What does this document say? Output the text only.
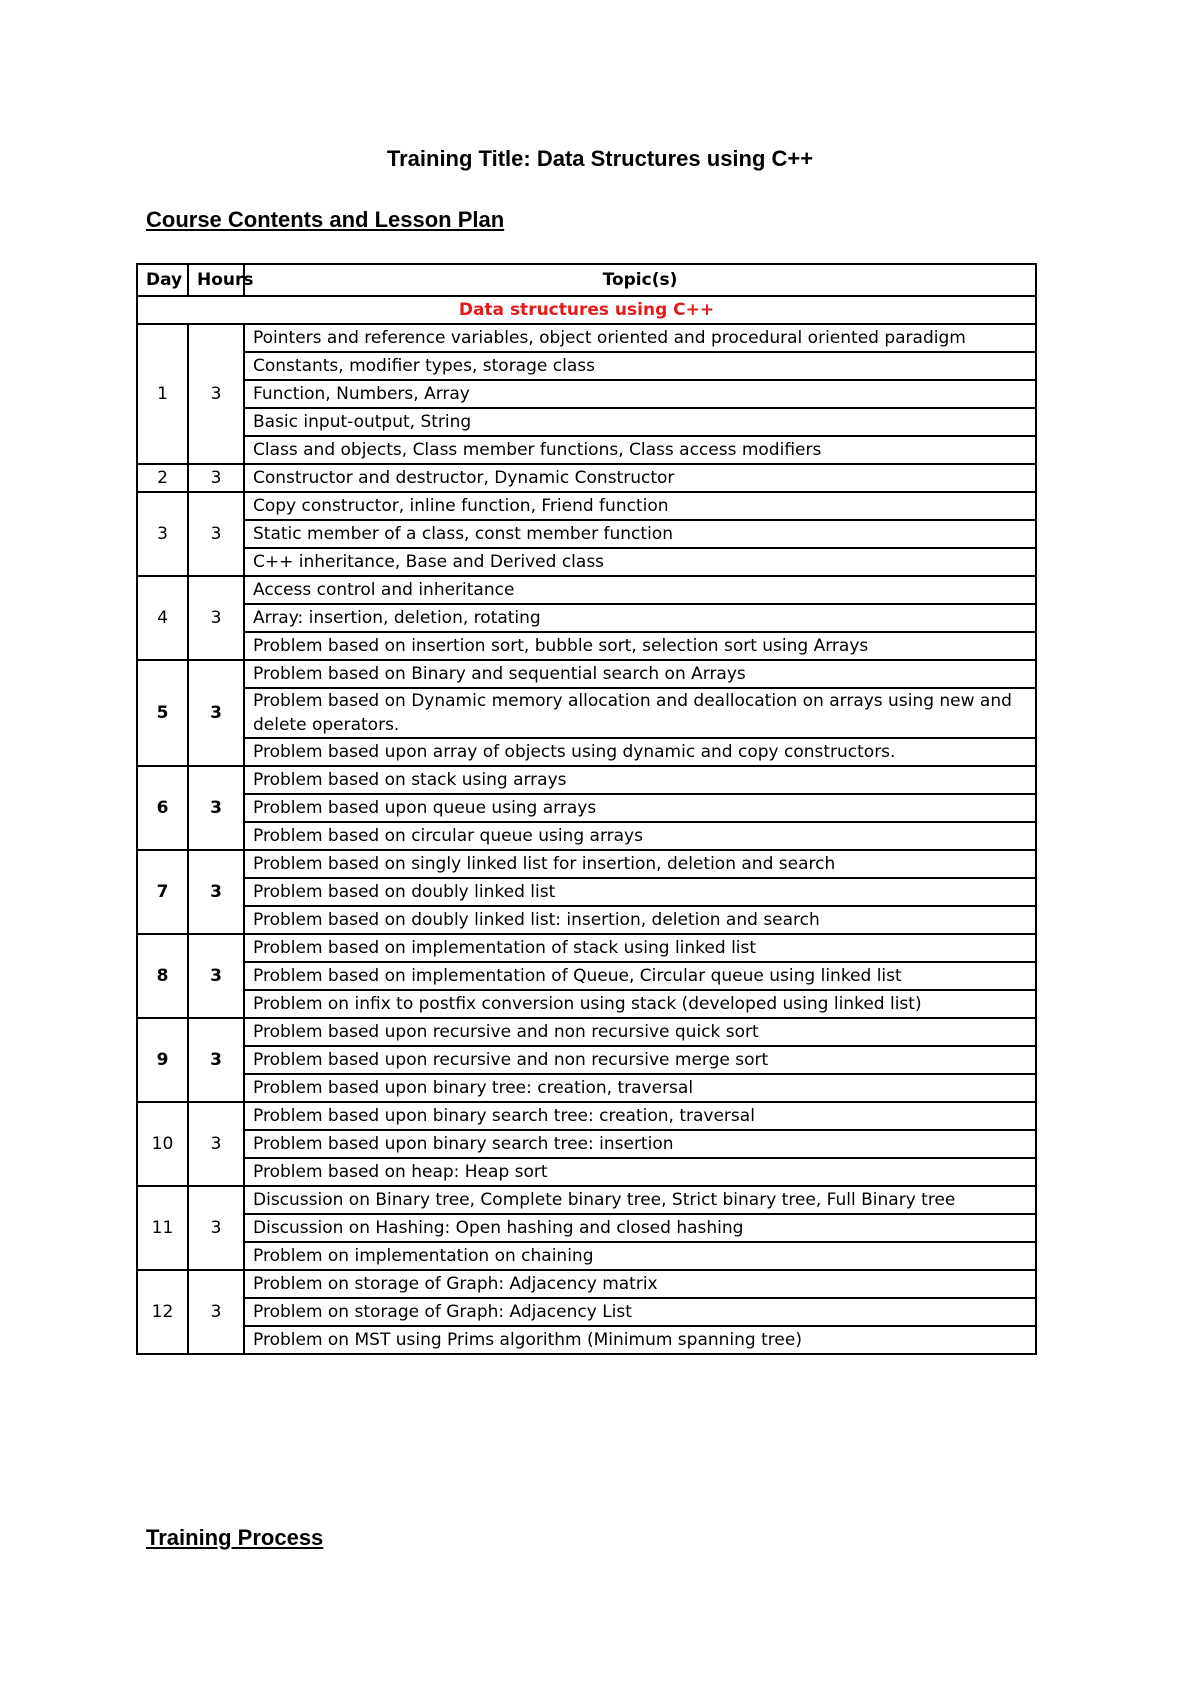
Training Title: Data Structures using C++
Course Contents and Lesson Plan
Day	Hours	Topic(s)
Data structures using C++		
1	3	Pointers and reference variables, object oriented and procedural oriented paradigm
		Constants, modifier types, storage class
		Function, Numbers, Array
		Basic input-output, String
		Class and objects, Class member functions, Class access modifiers
2	3	Constructor and destructor, Dynamic Constructor
3	3	Copy constructor, inline function, Friend function
		Static member of a class, const member function
		C++ inheritance, Base and Derived class
4	3	Access control and inheritance
		Array: insertion, deletion, rotating
		Problem based on insertion sort, bubble sort, selection sort using Arrays
5	3	Problem based on Binary and sequential search on Arrays
		Problem based on Dynamic memory allocation and deallocation on arrays using new and delete operators.
		Problem based upon array of objects using dynamic and copy constructors.
6	3	Problem based on stack using arrays
		Problem based upon queue using arrays
		Problem based on circular queue using arrays
7	3	Problem based on singly linked list for insertion, deletion and search
		Problem based on doubly linked list
		Problem based on doubly linked list: insertion, deletion and search
8	3	Problem based on implementation of stack using linked list
		Problem based on implementation of Queue, Circular queue using linked list
		Problem on infix to postfix conversion using stack (developed using linked list)
9	3	Problem based upon recursive and non recursive quick sort
		Problem based upon recursive and non recursive merge sort
		Problem based upon binary tree: creation, traversal
10	3	Problem based upon binary search tree: creation, traversal
		Problem based upon binary search tree: insertion
		Problem based on heap: Heap sort
11	3	Discussion on Binary tree, Complete binary tree, Strict binary tree, Full Binary tree
		Discussion on Hashing: Open hashing and closed hashing
		Problem on implementation on chaining
12	3	Problem on storage of Graph: Adjacency matrix
		Problem on storage of Graph: Adjacency List
		Problem on MST using Prims algorithm (Minimum spanning tree)
Training Process
